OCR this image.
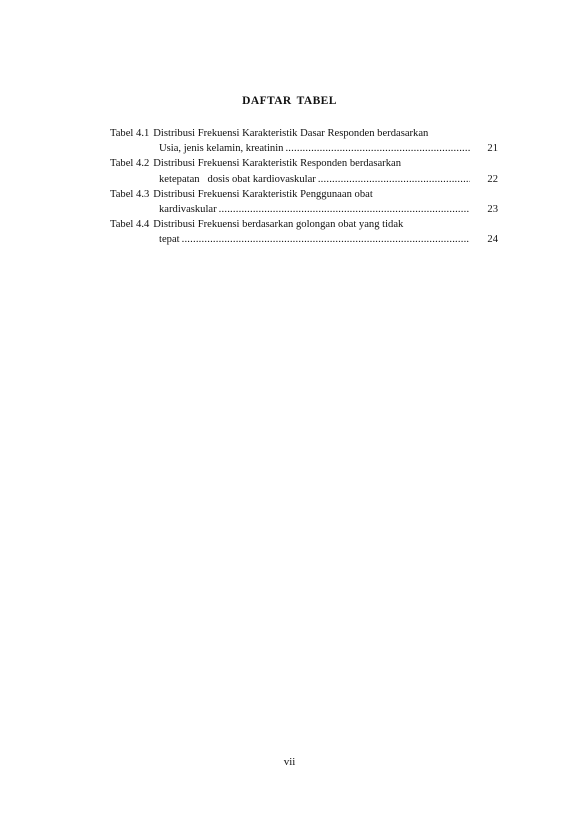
DAFTAR TABEL
Tabel 4.1 Distribusi Frekuensi Karakteristik Dasar Responden berdasarkan
Usia, jenis kelamin, kreatinin .....	21
Tabel 4.2 Distribusi Frekuensi Karakteristik Responden berdasarkan
ketepatan   dosis obat kardiovaskular .....	22
Tabel 4.3 Distribusi Frekuensi Karakteristik Penggunaan obat
kardivaskular .....	23
Tabel 4.4 Distribusi Frekuensi berdasarkan golongan obat yang tidak
tepat .....	24
vii
